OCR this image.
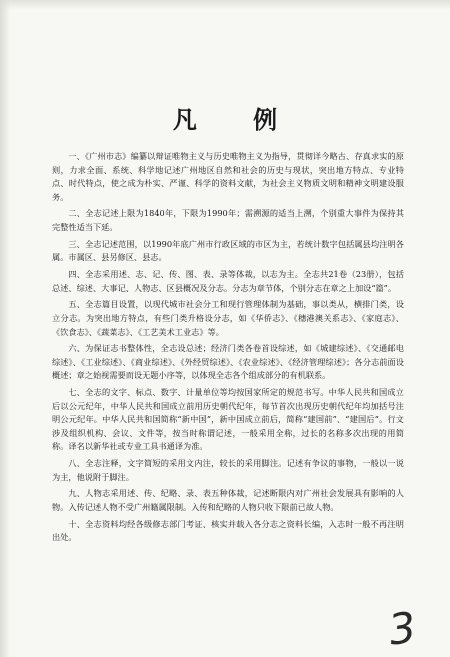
凡 例

一、《广州市志》编纂以辩证唯物主义与历史唯物主义为指导，贯彻详今略古、存真求实的原则，力求全面、系统、科学地记述广州地区自然和社会的历史与现状，突出地方特点、专业特点、时代特点，使之成为朴实、严谨、科学的资料文献，为社会主义物质文明和精神文明建设服务。

二、全志记述上限为1840年，下限为1990年；需溯源的适当上溯，个别重大事件为保持其完整性适当下延。

三、全志记述范围，以1990年底广州市行政区域的市区为主，若统计数字包括属县均注明各属。市属区、县另修区、县志。

四、全志采用述、志、记、传、图、表、录等体裁，以志为主。全志共21卷（23册），包括总述、综述、大事记、人物志、区县概况及分志。分志为章节体，个别分志在章之上加设“篇”。

五、全志篇目设置，以现代城市社会分工和现行管理体制为基础，事以类从，横排门类，设立分志。为突出地方特点，有些门类升格设分志，如《华侨志》、《穗港澳关系志》、《家庭志》、《饮食志》、《蔬菜志》、《工艺美术工业志》等。

六、为保证志书整体性，全志设总述；经济门类各卷首设综述，如《城建综述》、《交通邮电综述》、《工业综述》、《商业综述》、《外经贸综述》、《农业综述》、《经济管理综述》；各分志前面设概述；章之始视需要而设无题小序等，以体现全志各个组成部分的有机联系。

七、全志的文字、标点、数字、计量单位等均按国家所定的规范书写。中华人民共和国成立后以公元纪年，中华人民共和国成立前用历史朝代纪年，每节首次出现历史朝代纪年均加括号注明公元纪年。中华人民共和国简称“新中国”，新中国成立前后，简称“建国前”、“建国后”。行文涉及组织机构、会议、文件等，按当时称谓记述，一般采用全称，过长的名称多次出现的用简称。译名以新华社或专业工具书通译为准。

八、全志注释，文字简短的采用文内注，较长的采用脚注。记述有争议的事物，一般以一说为主，他说附于脚注。

九、人物志采用述、传、纪略、录、表五种体裁，记述断限内对广州社会发展具有影响的人物。入传记述人物不受广州籍属限制。入传和纪略的人物只收下限前已故人物。

十、全志资料均经各级修志部门考证、核实并载入各分志之资料长编，入志时一般不再注明出处。

3
